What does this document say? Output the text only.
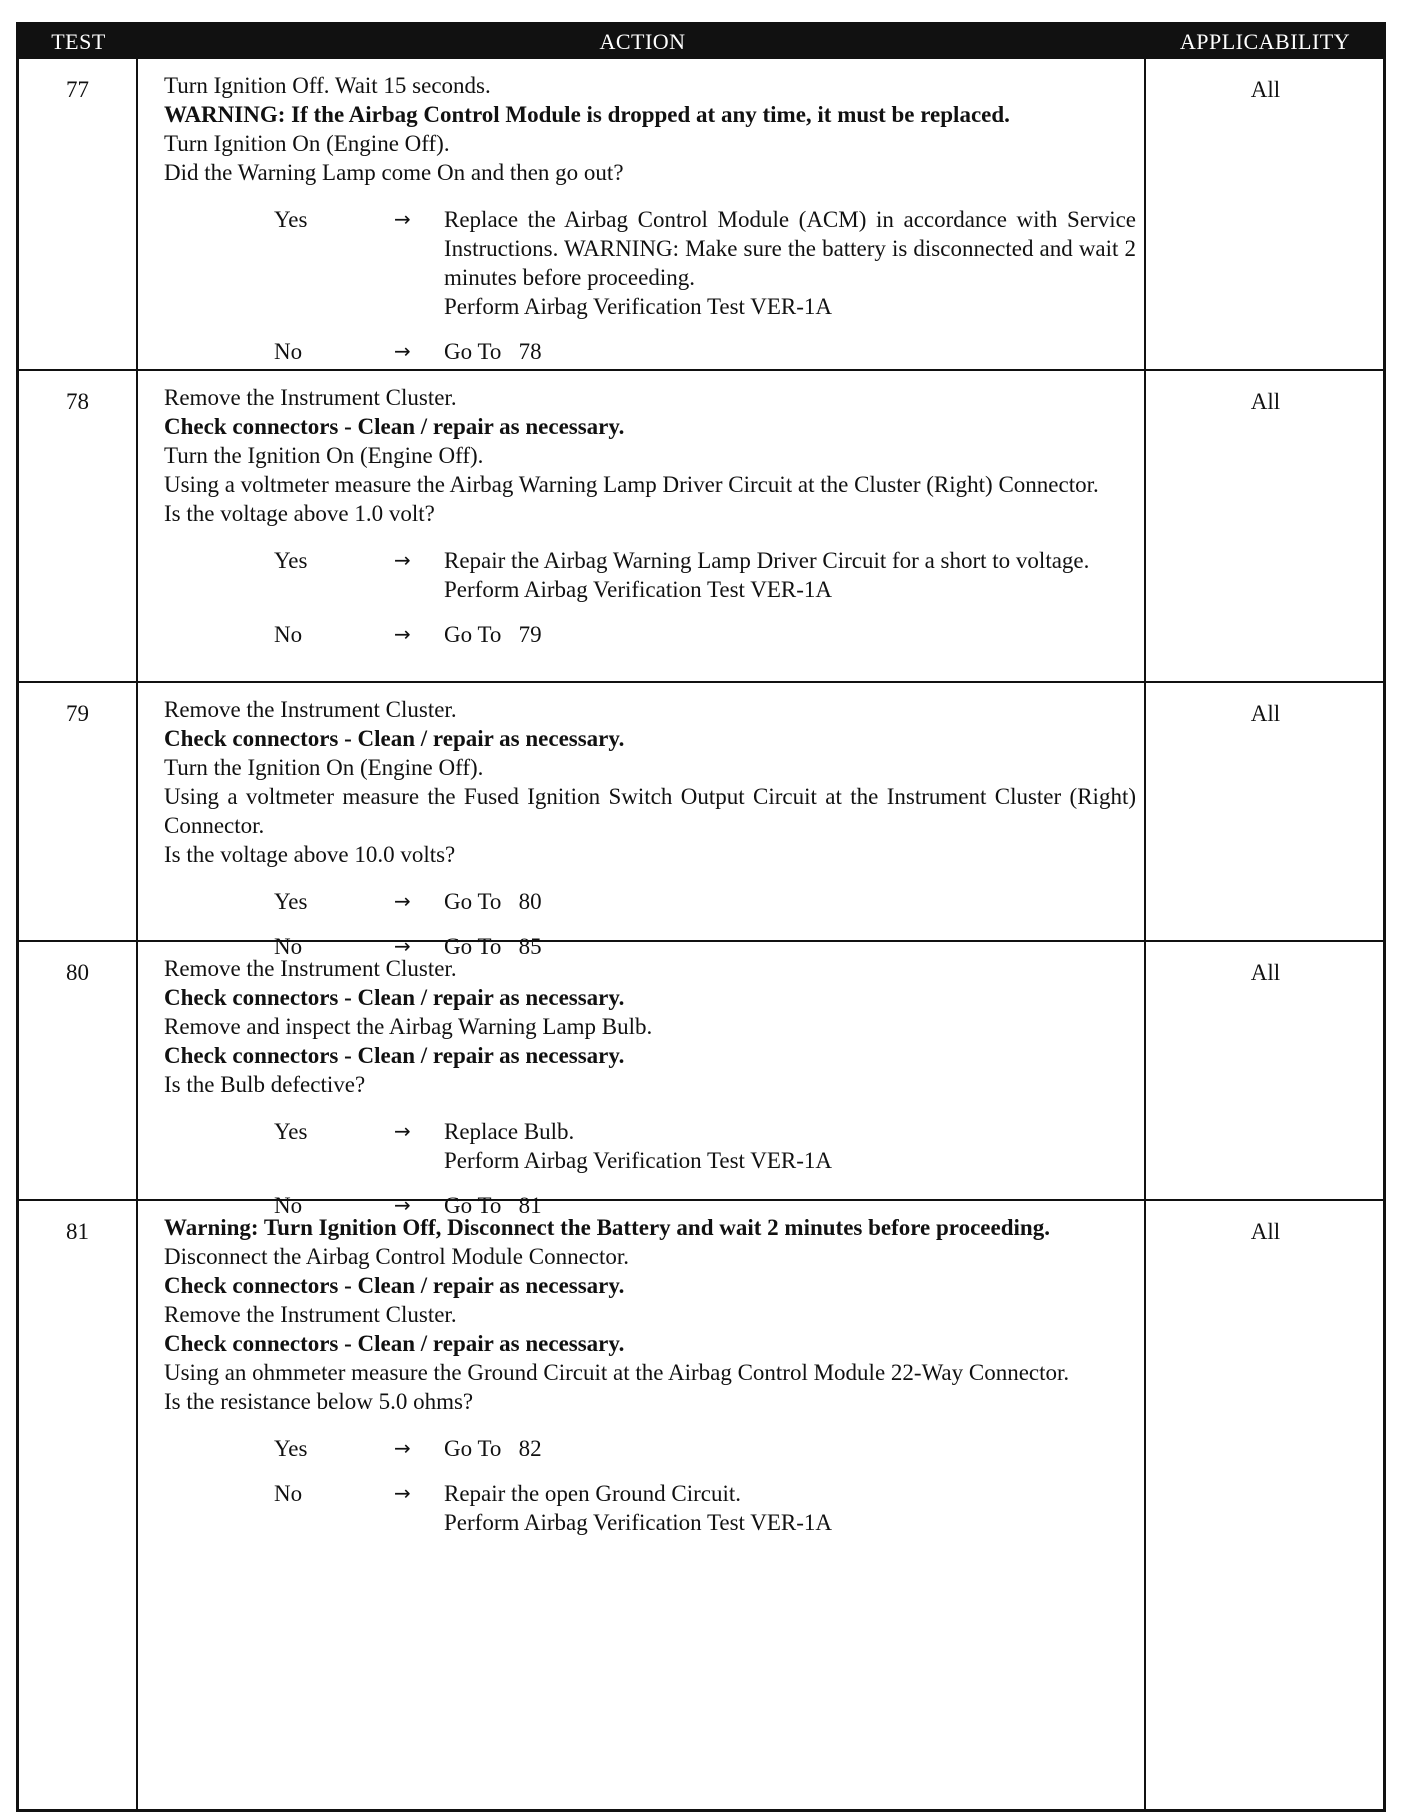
TEST	ACTION	APPLICABILITY
77	Turn Ignition Off. Wait 15 seconds.
WARNING: If the Airbag Control Module is dropped at any time, it must be replaced.
Turn Ignition On (Engine Off).
Did the Warning Lamp come On and then go out?
Yes	→	Replace the Airbag Control Module (ACM) in accordance with Service Instructions. WARNING: Make sure the battery is disconnected and wait 2 minutes before proceeding.
Perform Airbag Verification Test VER-1A
No	→	Go To   78
All
78	Remove the Instrument Cluster.
Check connectors - Clean / repair as necessary.
Turn the Ignition On (Engine Off).
Using a voltmeter measure the Airbag Warning Lamp Driver Circuit at the Cluster (Right) Connector.
Is the voltage above 1.0 volt?
Yes	→	Repair the Airbag Warning Lamp Driver Circuit for a short to voltage.
Perform Airbag Verification Test VER-1A
No	→	Go To   79
All
79	Remove the Instrument Cluster.
Check connectors - Clean / repair as necessary.
Turn the Ignition On (Engine Off).
Using a voltmeter measure the Fused Ignition Switch Output Circuit at the Instrument Cluster (Right) Connector.
Is the voltage above 10.0 volts?
Yes	→	Go To   80
No	→	Go To   85
All
80	Remove the Instrument Cluster.
Check connectors - Clean / repair as necessary.
Remove and inspect the Airbag Warning Lamp Bulb.
Check connectors - Clean / repair as necessary.
Is the Bulb defective?
Yes	→	Replace Bulb.
Perform Airbag Verification Test VER-1A
No	→	Go To   81
All
81	Warning: Turn Ignition Off, Disconnect the Battery and wait 2 minutes before proceeding.
Disconnect the Airbag Control Module Connector.
Check connectors - Clean / repair as necessary.
Remove the Instrument Cluster.
Check connectors - Clean / repair as necessary.
Using an ohmmeter measure the Ground Circuit at the Airbag Control Module 22-Way Connector.
Is the resistance below 5.0 ohms?
Yes	→	Go To   82
No	→	Repair the open Ground Circuit.
Perform Airbag Verification Test VER-1A
All
